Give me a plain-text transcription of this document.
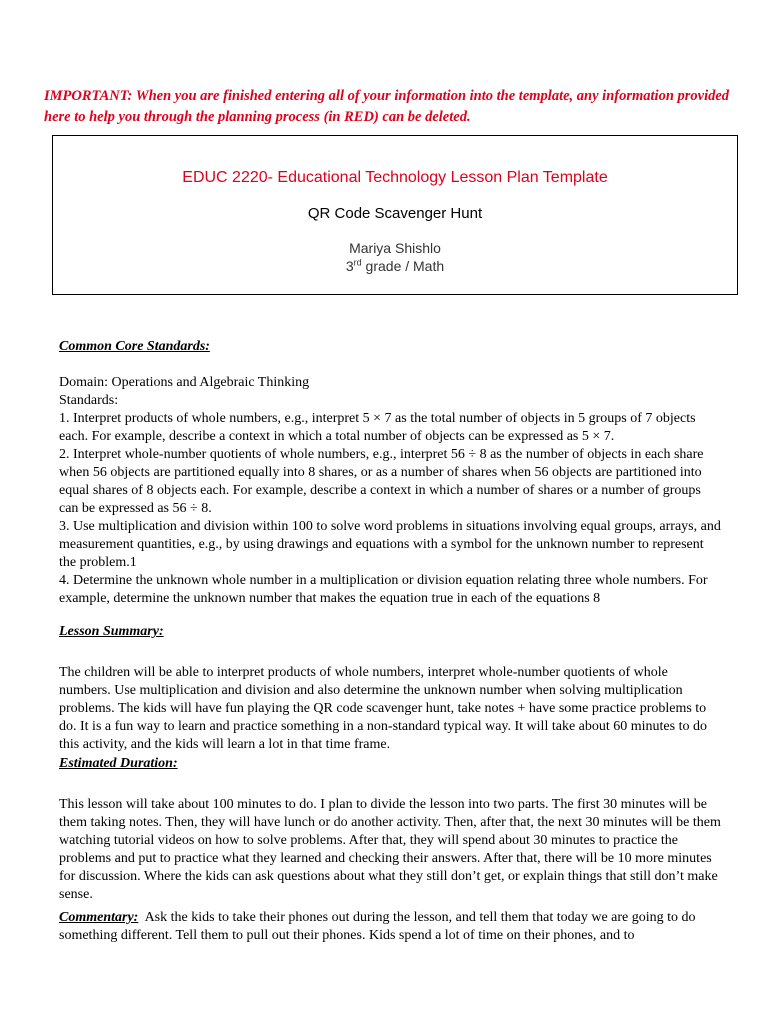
IMPORTANT: When you are finished entering all of your information into the template, any information provided here to help you through the planning process (in RED) can be deleted.
EDUC 2220- Educational Technology Lesson Plan Template
QR Code Scavenger Hunt
Mariya Shishlo
3rd grade / Math
Common Core Standards:

Domain: Operations and Algebraic Thinking

Standards:

1. Interpret products of whole numbers, e.g., interpret 5 × 7 as the total number of objects in 5 groups of 7 objects each. For example, describe a context in which a total number of objects can be expressed as 5 × 7.

2. Interpret whole-number quotients of whole numbers, e.g., interpret 56 ÷ 8 as the number of objects in each share when 56 objects are partitioned equally into 8 shares, or as a number of shares when 56 objects are partitioned into equal shares of 8 objects each. For example, describe a context in which a number of shares or a number of groups can be expressed as 56 ÷ 8.

3. Use multiplication and division within 100 to solve word problems in situations involving equal groups, arrays, and measurement quantities, e.g., by using drawings and equations with a symbol for the unknown number to represent the problem.1

4. Determine the unknown whole number in a multiplication or division equation relating three whole numbers. For example, determine the unknown number that makes the equation true in each of the equations 8

Lesson Summary:

The children will be able to interpret products of whole numbers, interpret whole-number quotients of whole numbers. Use multiplication and division and also determine the unknown number when solving multiplication problems. The kids will have fun playing the QR code scavenger hunt, take notes + have some practice problems to do. It is a fun way to learn and practice something in a non-standard typical way. It will take about 60 minutes to do this activity, and the kids will learn a lot in that time frame.

Estimated Duration:

This lesson will take about 100 minutes to do. I plan to divide the lesson into two parts. The first 30 minutes will be them taking notes. Then, they will have lunch or do another activity. Then, after that, the next 30 minutes will be them watching tutorial videos on how to solve problems. After that, they will spend about 30 minutes to practice the problems and put to practice what they learned and checking their answers. After that, there will be 10 more minutes for discussion. Where the kids can ask questions about what they still don’t get, or explain things that still don’t make sense.

Commentary:  Ask the kids to take their phones out during the lesson, and tell them that today we are going to do something different. Tell them to pull out their phones. Kids spend a lot of time on their phones, and to
